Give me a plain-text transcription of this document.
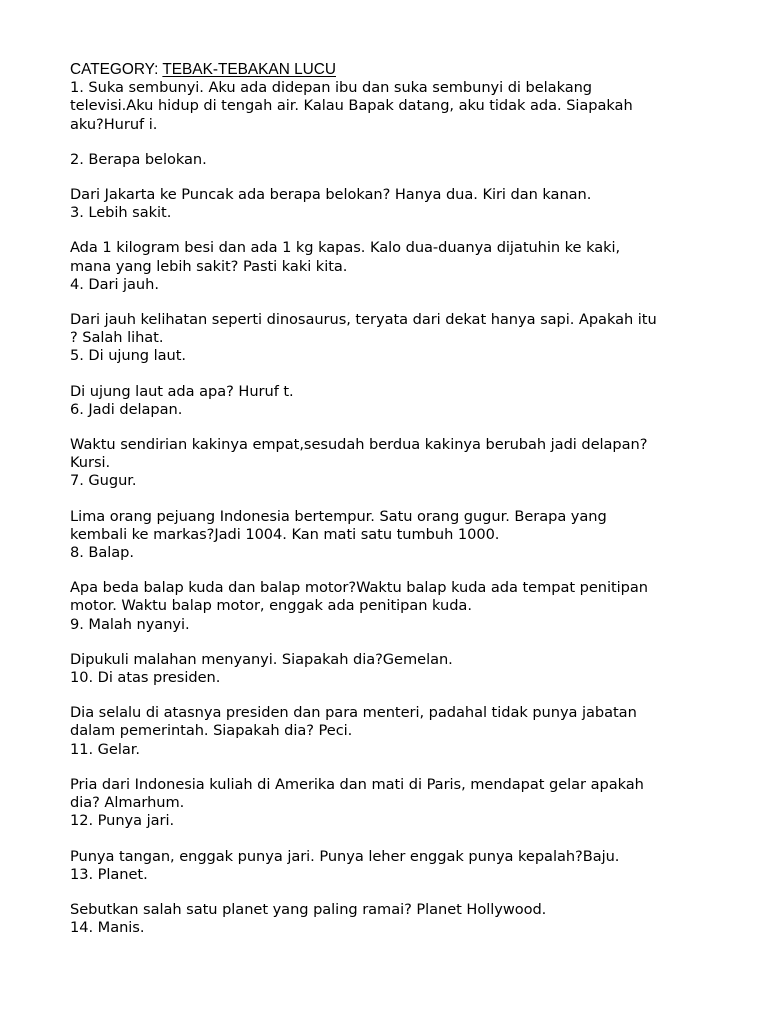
CATEGORY: TEBAK-TEBAKAN LUCU
1. Suka sembunyi. Aku ada didepan ibu dan suka sembunyi di belakang
televisi.Aku hidup di tengah air. Kalau Bapak datang, aku tidak ada. Siapakah
aku?Huruf i.
2. Berapa belokan.
Dari Jakarta ke Puncak ada berapa belokan? Hanya dua. Kiri dan kanan.
3. Lebih sakit.
Ada 1 kilogram besi dan ada 1 kg kapas. Kalo dua-duanya dijatuhin ke kaki,
mana yang lebih sakit? Pasti kaki kita.
4. Dari jauh.
Dari jauh kelihatan seperti dinosaurus, teryata dari dekat hanya sapi. Apakah itu
? Salah lihat.
5. Di ujung laut.
Di ujung laut ada apa? Huruf t.
6. Jadi delapan.
Waktu sendirian kakinya empat,sesudah berdua kakinya berubah jadi delapan?
Kursi.
7. Gugur.
Lima orang pejuang Indonesia bertempur. Satu orang gugur. Berapa yang
kembali ke markas?Jadi 1004. Kan mati satu tumbuh 1000.
8. Balap.
Apa beda balap kuda dan balap motor?Waktu balap kuda ada tempat penitipan
motor. Waktu balap motor, enggak ada penitipan kuda.
9. Malah nyanyi.
Dipukuli malahan menyanyi. Siapakah dia?Gemelan.
10. Di atas presiden.
Dia selalu di atasnya presiden dan para menteri, padahal tidak punya jabatan
dalam pemerintah. Siapakah dia? Peci.
11. Gelar.
Pria dari Indonesia kuliah di Amerika dan mati di Paris, mendapat gelar apakah
dia? Almarhum.
12. Punya jari.
Punya tangan, enggak punya jari. Punya leher enggak punya kepalah?Baju.
13. Planet.
Sebutkan salah satu planet yang paling ramai? Planet Hollywood.
14. Manis.
